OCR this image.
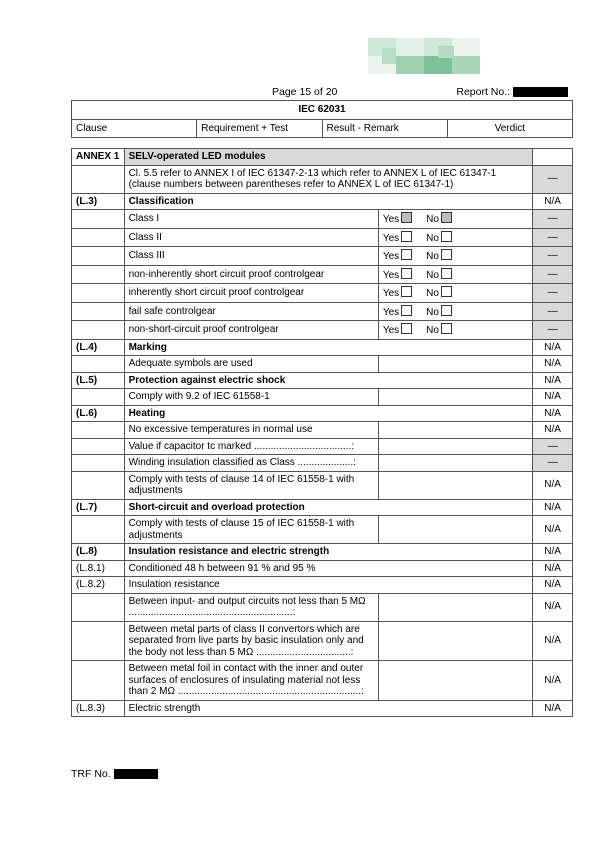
Page 15 of 20	Report No.:
IEC 62031
Clause	Requirement + Test	Result - Remark	Verdict
ANNEX 1	SELV-operated LED modules		
	Cl. 5.5 refer to ANNEX I of IEC 61347-2-13 which refer to ANNEX L of IEC 61347-1 (clause numbers between parentheses refer to ANNEX L of IEC 61347-1)		—
(L.3)	Classification		N/A
	Class I	Yes No	—
	Class II	Yes No	—
	Class III	Yes No	—
	non-inherently short circuit proof controlgear	Yes No	—
	inherently short circuit proof controlgear	Yes No	—
	fail safe controlgear	Yes No	—
	non-short-circuit proof controlgear	Yes No	—
(L.4)	Marking		N/A
	Adequate symbols are used		N/A
(L.5)	Protection against electric shock		N/A
	Comply with 9.2 of IEC 61558-1		N/A
(L.6)	Heating		N/A
	No excessive temperatures in normal use		N/A
	Value if capacitor tc marked ...................................:		—
	Winding insulation classified as Class ....................:		—
	Comply with tests of clause 14 of IEC 61558-1 with adjustments		N/A
(L.7)	Short-circuit and overload protection		N/A
	Comply with tests of clause 15 of IEC 61558-1 with adjustments		N/A
(L.8)	Insulation resistance and electric strength		N/A
(L.8.1)	Conditioned 48 h between 91 % and 95 %		N/A
(L.8.2)	Insulation resistance		N/A
	Between input- and output circuits not less than 5 MΩ ...........................................................:		N/A
	Between metal parts of class II convertors which are separated from live parts by basic insulation only and the body not less than 5 MΩ ..................................:		N/A
	Between metal foil in contact with the inner and outer surfaces of enclosures of insulating material not less than 2 MΩ ..................................................................:		N/A
(L.8.3)	Electric strength		N/A
TRF No.
